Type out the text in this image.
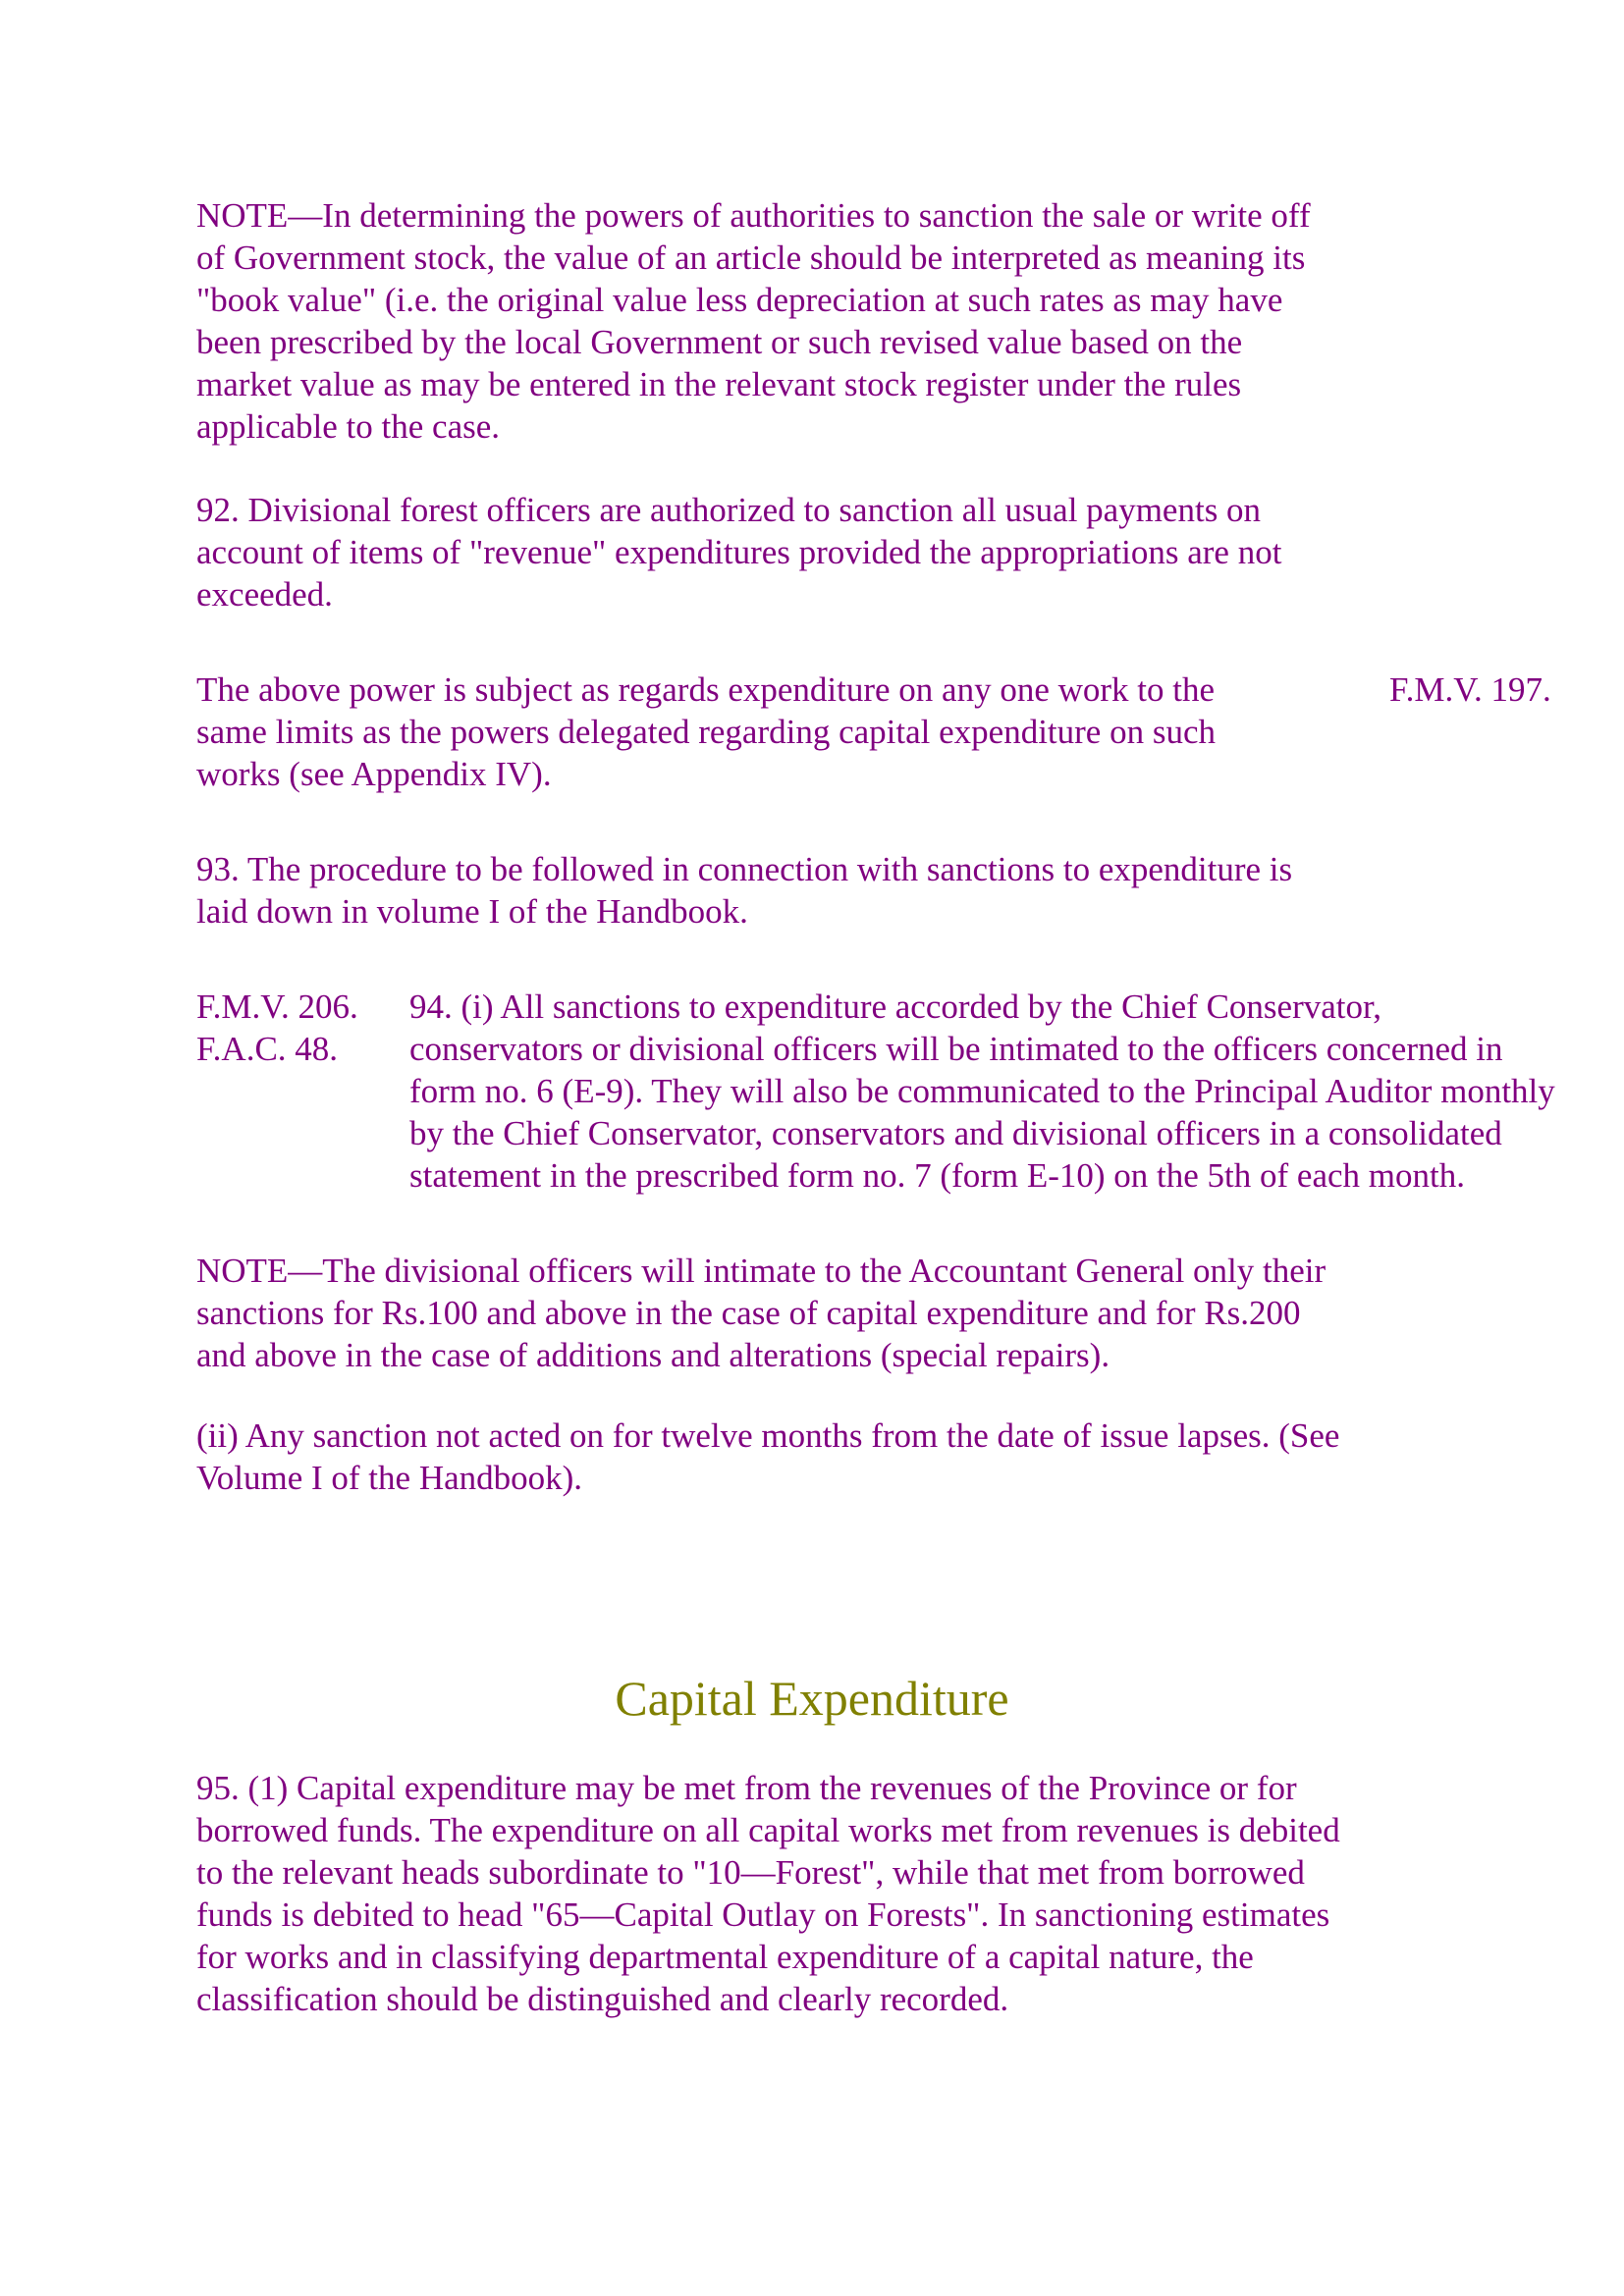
NOTE—In determining the powers of authorities to sanction the sale or write off
of Government stock, the value of an article should be interpreted as meaning its
"book value" (i.e. the original value less depreciation at such rates as may have
been prescribed by the local Government or such revised value based on the
market value as may be entered in the relevant stock register under the rules
applicable to the case.

92. Divisional forest officers are authorized to sanction all usual payments on
account of items of "revenue" expenditures provided the appropriations are not
exceeded.

The above power is subject as regards expenditure on any one work to the
same limits as the powers delegated regarding capital expenditure on such
works (see Appendix IV).

F.M.V. 197.

93. The procedure to be followed in connection with sanctions to expenditure is
laid down in volume I of the Handbook.

F.M.V. 206.
F.A.C. 48.

94. (i) All sanctions to expenditure accorded by the Chief Conservator,
conservators or divisional officers will be intimated to the officers concerned in
form no. 6 (E-9). They will also be communicated to the Principal Auditor monthly
by the Chief Conservator, conservators and divisional officers in a consolidated
statement in the prescribed form no. 7 (form E-10) on the 5th of each month.

NOTE—The divisional officers will intimate to the Accountant General only their
sanctions for Rs.100 and above in the case of capital expenditure and for Rs.200
and above in the case of additions and alterations (special repairs).

(ii) Any sanction not acted on for twelve months from the date of issue lapses. (See
Volume I of the Handbook).

Capital Expenditure

95. (1) Capital expenditure may be met from the revenues of the Province or for
borrowed funds. The expenditure on all capital works met from revenues is debited
to the relevant heads subordinate to "10—Forest", while that met from borrowed
funds is debited to head "65—Capital Outlay on Forests". In sanctioning estimates
for works and in classifying departmental expenditure of a capital nature, the
classification should be distinguished and clearly recorded.
